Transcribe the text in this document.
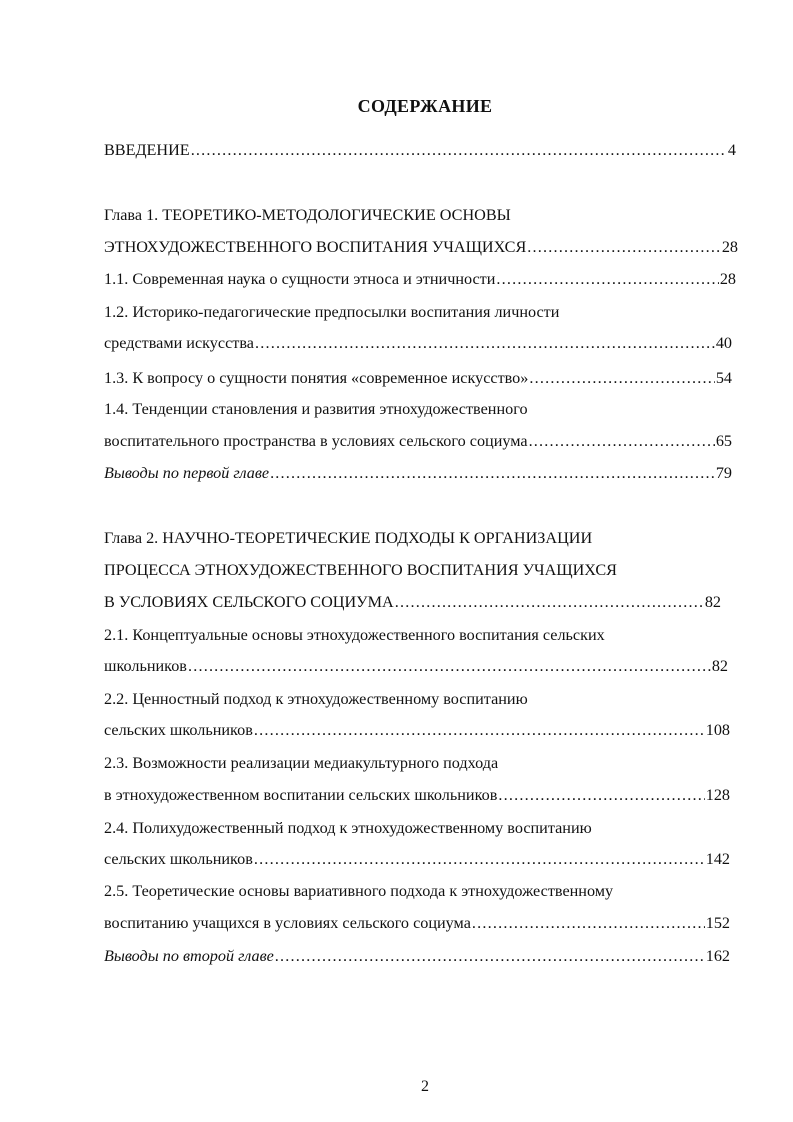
СОДЕРЖАНИЕ
ВВЕДЕНИЕ .....	4
Глава 1. ТЕОРЕТИКО-МЕТОДОЛОГИЧЕСКИЕ ОСНОВЫ
ЭТНОХУДОЖЕСТВЕННОГО ВОСПИТАНИЯ УЧАЩИХСЯ .....	28
1.1. Современная наука о сущности этноса и этничности .....	28
1.2. Историко-педагогические предпосылки воспитания личности
средствами искусства .....	40
1.3. К вопросу о сущности понятия «современное искусство» .....	54
1.4. Тенденции становления и развития этнохудожественного
воспитательного пространства в условиях сельского социума .....	65
Выводы по первой главе .....	79
Глава 2. НАУЧНО-ТЕОРЕТИЧЕСКИЕ ПОДХОДЫ К ОРГАНИЗАЦИИ
ПРОЦЕССА ЭТНОХУДОЖЕСТВЕННОГО ВОСПИТАНИЯ УЧАЩИХСЯ
В УСЛОВИЯХ СЕЛЬСКОГО СОЦИУМА .....	82
2.1. Концептуальные основы этнохудожественного воспитания сельских
школьников .....	82
2.2. Ценностный подход к этнохудожественному воспитанию
сельских школьников .....	108
2.3. Возможности реализации медиакультурного подхода
в этнохудожественном воспитании сельских школьников .....	128
2.4. Полихудожественный подход к этнохудожественному воспитанию
сельских школьников .....	142
2.5. Теоретические основы вариативного подхода к этнохудожественному
воспитанию учащихся в условиях сельского социума .....	152
Выводы по второй главе .....	162
2
